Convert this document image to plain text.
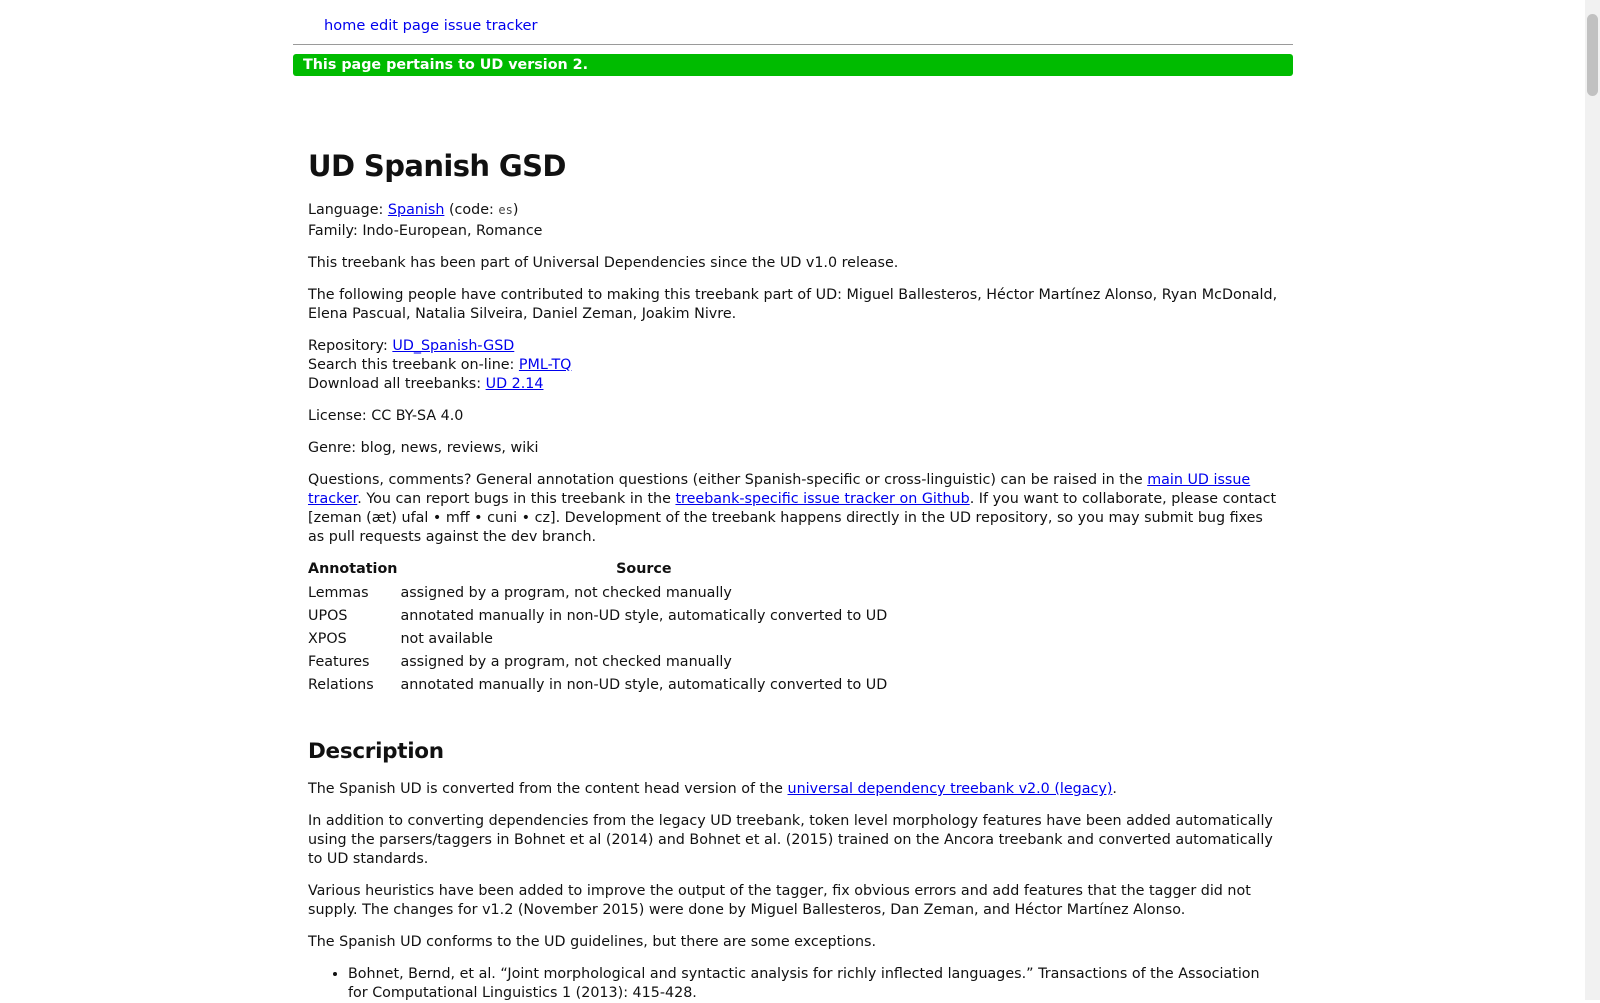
home edit page issue tracker
This page pertains to UD version 2.
UD Spanish GSD
Language: Spanish (code: es)
Family: Indo-European, Romance

This treebank has been part of Universal Dependencies since the UD v1.0 release.

The following people have contributed to making this treebank part of UD: Miguel Ballesteros, Héctor Martínez Alonso, Ryan McDonald, Elena Pascual, Natalia Silveira, Daniel Zeman, Joakim Nivre.

Repository: UD_Spanish-GSD
Search this treebank on-line: PML-TQ
Download all treebanks: UD 2.14

License: CC BY-SA 4.0

Genre: blog, news, reviews, wiki

Questions, comments? General annotation questions (either Spanish-specific or cross-linguistic) can be raised in the main UD issue tracker. You can report bugs in this treebank in the treebank-specific issue tracker on Github. If you want to collaborate, please contact [zeman (æt) ufal • mff • cuni • cz]. Development of the treebank happens directly in the UD repository, so you may submit bug fixes as pull requests against the dev branch.

Annotation	Source
Lemmas	assigned by a program, not checked manually
UPOS	annotated manually in non-UD style, automatically converted to UD
XPOS	not available
Features	assigned by a program, not checked manually
Relations	annotated manually in non-UD style, automatically converted to UD
Description

The Spanish UD is converted from the content head version of the universal dependency treebank v2.0 (legacy).

In addition to converting dependencies from the legacy UD treebank, token level morphology features have been added automatically using the parsers/taggers in Bohnet et al (2014) and Bohnet et al. (2015) trained on the Ancora treebank and converted automatically to UD standards.

Various heuristics have been added to improve the output of the tagger, fix obvious errors and add features that the tagger did not supply. The changes for v1.2 (November 2015) were done by Miguel Ballesteros, Dan Zeman, and Héctor Martínez Alonso.

The Spanish UD conforms to the UD guidelines, but there are some exceptions.

• Bohnet, Bernd, et al. “Joint morphological and syntactic analysis for richly inflected languages.” Transactions of the Association for Computational Linguistics 1 (2013): 415-428.
